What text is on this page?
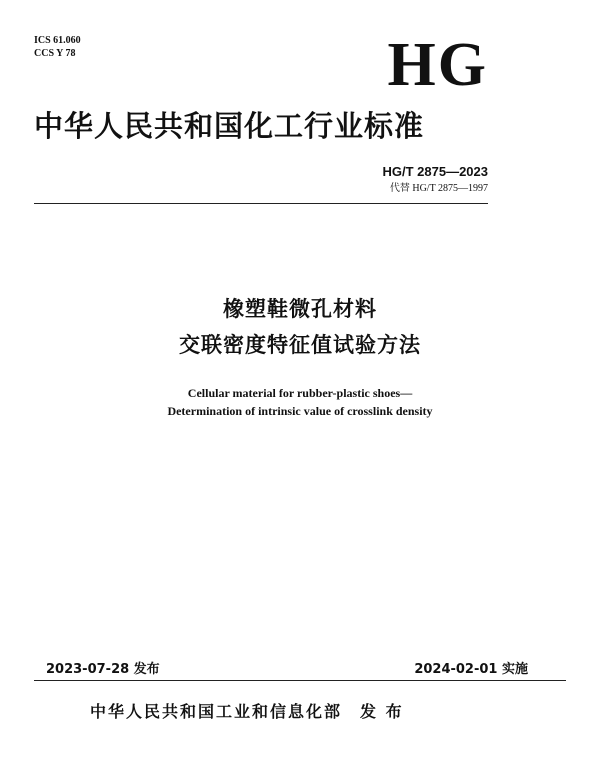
ICS 61.060
CCS Y 78	HG
中华人民共和国化工行业标准
HG/T 2875—2023
代替 HG/T 2875—1997
橡塑鞋微孔材料
交联密度特征值试验方法
Cellular material for rubber-plastic shoes—
Determination of intrinsic value of crosslink density
2023-07-28 发布	2024-02-01 实施
中华人民共和国工业和信息化部　发 布
